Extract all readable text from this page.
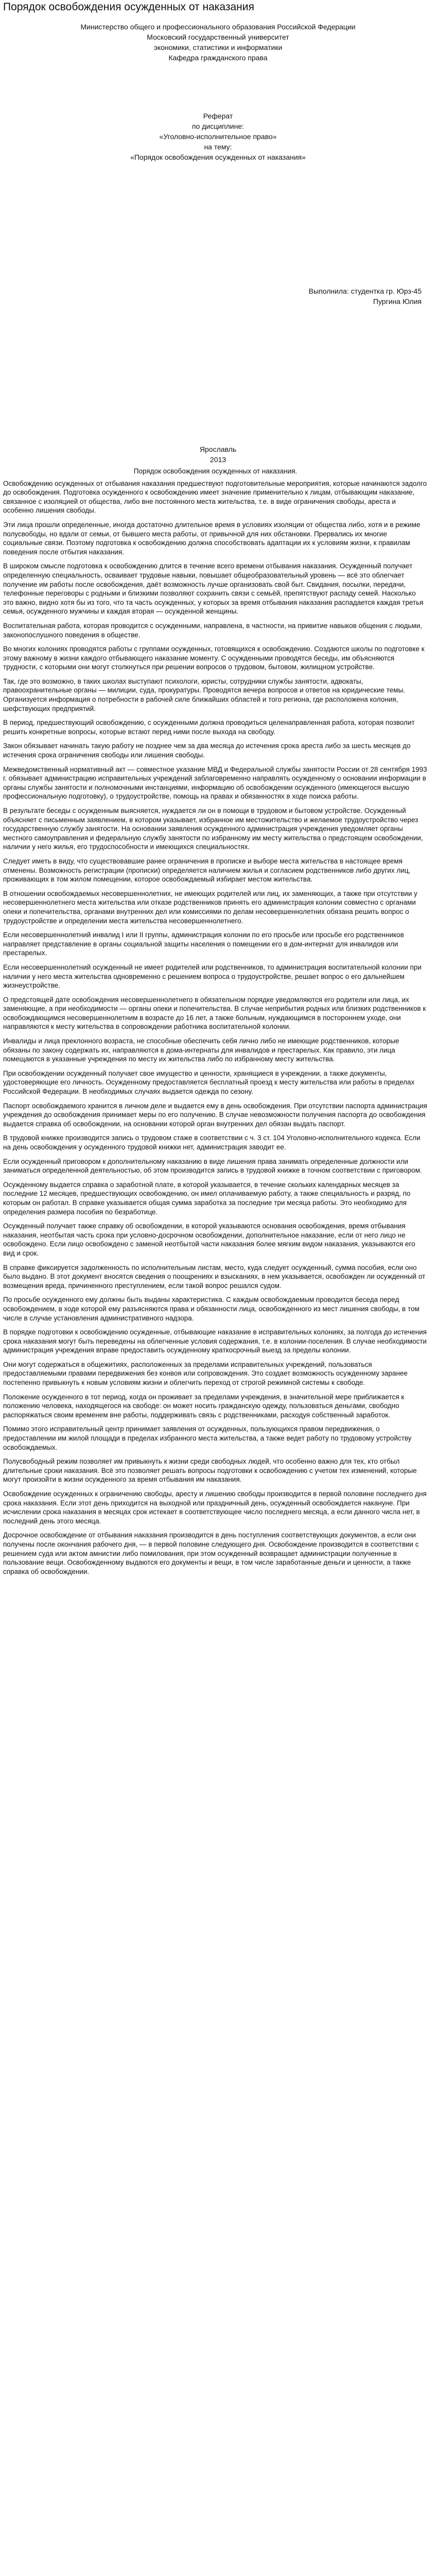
Порядок освобождения осужденных от наказания
Министерство общего и профессионального образования Российской Федерации
Московский государственный университет
экономики, статистики и информатики
Кафедра гражданского права
Реферат
по дисциплине:
«Уголовно-исполнительное право»
на тему:
«Порядок освобождения осужденных от наказания»
Выполнила: студентка гр. Юрз-45
Пургина Юлия
Ярославль
2013

Порядок освобождения осужденных от наказания.

Освобождению осужденных от отбывания наказания предшествуют подготовительные мероприятия, которые начинаются задолго до освобождения. Подготовка осужденного к освобождению имеет значение применительно к лицам, отбывающим наказание, связанное с изоляцией от общества, либо вне постоянного места жительства, т.е. в виде ограничения свободы, ареста и особенно лишения свободы.

Эти лица прошли определенные, иногда достаточно длительное время в условиях изоляции от общества либо, хотя и в режиме полусвободы, но вдали от семьи, от бывшего места работы, от привычной для них обстановки. Прервались их многие социальные связи. Поэтому подготовка к освобождению должна способствовать адаптации их к условиям жизни, к правилам поведения после отбытия наказания.

В широком смысле подготовка к освобождению длится в течение всего времени отбывания наказания. Осужденный получает определенную специальность, осваивает трудовые навыки, повышает общеобразовательный уровень — всё это облегчает получение им работы после освобождения, даёт возможность лучше организовать свой быт. Свидания, посылки, передачи, телефонные переговоры с родными и близкими позволяют сохранить связи с семьёй, препятствуют распаду семей. Насколько это важно, видно хотя бы из того, что та часть осужденных, у которых за время отбывания наказания распадается каждая третья семья, осужденного мужчины и каждая вторая — осужденной женщины.

Воспитательная работа, которая проводится с осужденными, направлена, в частности, на привитие навыков общения с людьми, законопослушного поведения в обществе.

Во многих колониях проводятся работы с группами осужденных, готовящихся к освобождению. Создаются школы по подготовке к этому важному в жизни каждого отбывающего наказание моменту. С осужденными проводятся беседы, им объясняются трудности, с которыми они могут столкнуться при решении вопросов о трудовом, бытовом, жилищном устройстве.

Так, где это возможно, в таких школах выступают психологи, юристы, сотрудники службы занятости, адвокаты, правоохранительные органы — милиции, суда, прокуратуры. Проводятся вечера вопросов и ответов на юридические темы. Организуется информация о потребности в рабочей силе ближайших областей и того региона, где расположена колония, шефствующих предприятий.

В период, предшествующий освобождению, с осужденными должна проводиться целенаправленная работа, которая позволит решить конкретные вопросы, которые встают перед ними после выхода на свободу.

Закон обязывает начинать такую работу не позднее чем за два месяца до истечения срока ареста либо за шесть месяцев до истечения срока ограничения свободы или лишения свободы.

Межведомственный нормативный акт — совместное указание МВД и Федеральной службы занятости России от 28 сентября 1993 г. обязывает администрацию исправительных учреждений заблаговременно направлять осужденному о основании информации в органы службы занятости и полномочными инстанциями, информацию об освобождении осужденного (имеющегося высшую профессиональную подготовку), о трудоустройстве, помощь на правах и обязанностях в ходе поиска работы.

В результате беседы с осужденным выясняется, нуждается ли он в помощи в трудовом и бытовом устройстве. Осужденный объясняет с письменным заявлением, в котором указывает, избранное им местожительство и желаемое трудоустройство через государственную службу занятости. На основании заявления осужденного администрация учреждения уведомляет органы местного самоуправления и федеральную службу занятости по избранному им месту жительства о предстоящем освобождении, наличии у него жилья, его трудоспособности и имеющихся специальностях.

Следует иметь в виду, что существовавшие ранее ограничения в прописке и выборе места жительства в настоящее время отменены. Возможность регистрации (прописки) определяется наличием жилья и согласием родственников либо других лиц, проживающих в том жилом помещении, которое освобождаемый избирает местом жительства.

В отношении освобождаемых несовершеннолетних, не имеющих родителей или лиц, их заменяющих, а также при отсутствии у несовершеннолетнего места жительства или отказе родственников принять его администрация колонии совместно с органами опеки и попечительства, органами внутренних дел или комиссиями по делам несовершеннолетних обязана решить вопрос о трудоустройстве и определении места жительства несовершеннолетнего.

Если несовершеннолетний инвалид I или II группы, администрация колонии по его просьбе или просьбе его родственников направляет представление в органы социальной защиты населения о помещении его в дом-интернат для инвалидов или престарелых.

Если несовершеннолетний осужденный не имеет родителей или родственников, то администрация воспитательной колонии при наличии у него места жительства одновременно с решением вопроса о трудоустройстве, решает вопрос о его дальнейшем жизнеустройстве.

О предстоящей дате освобождения несовершеннолетнего в обязательном порядке уведомляются его родители или лица, их заменяющие, а при необходимости — органы опеки и попечительства. В случае неприбытия родных или близких родственников к освобождающимся несовершеннолетним в возрасте до 16 лет, а также больным, нуждающимся в постороннем уходе, они направляются к месту жительства в сопровождении работника воспитательной колонии.

Инвалиды и лица преклонного возраста, не способные обеспечить себя лично либо не имеющие родственников, которые обязаны по закону содержать их, направляются в дома-интернаты для инвалидов и престарелых. Как правило, эти лица помещаются в указанные учреждения по месту их жительства либо по избранному месту жительства.

При освобождении осужденный получает свое имущество и ценности, хранящиеся в учреждении, а также документы, удостоверяющие его личность. Осужденному предоставляется бесплатный проезд к месту жительства или работы в пределах Российской Федерации. В необходимых случаях выдается одежда по сезону.

Паспорт освобождаемого хранится в личном деле и выдается ему в день освобождения. При отсутствии паспорта администрация учреждения до освобождения принимает меры по его получению. В случае невозможности получения паспорта до освобождения выдается справка об освобождении, на основании которой орган внутренних дел обязан выдать паспорт.

В трудовой книжке производится запись о трудовом стаже в соответствии с ч. 3 ст. 104 Уголовно-исполнительного кодекса. Если на день освобождения у осужденного трудовой книжки нет, администрация заводит ее.

Если осужденный приговором к дополнительному наказанию в виде лишения права занимать определенные должности или заниматься определенной деятельностью, об этом производится запись в трудовой книжке в точном соответствии с приговором.

Осужденному выдается справка о заработной плате, в которой указывается, в течение скольких календарных месяцев за последние 12 месяцев, предшествующих освобождению, он имел оплачиваемую работу, а также специальность и разряд, по которым он работал. В справке указывается общая сумма заработка за последние три месяца работы. Это необходимо для определения размера пособия по безработице.

Осужденный получает также справку об освобождении, в которой указываются основания освобождения, время отбывания наказания, неотбытая часть срока при условно-досрочном освобождении, дополнительное наказание, если от него лицо не освобождено. Если лицо освобождено с заменой неотбытой части наказания более мягким видом наказания, указываются его вид и срок.

В справке фиксируется задолженность по исполнительным листам, место, куда следует осужденный, сумма пособия, если оно было выдано. В этот документ вносятся сведения о поощрениях и взысканиях, в нем указывается, освобожден ли осужденный от возмещения вреда, причиненного преступлением, если такой вопрос решался судом.

По просьбе осужденного ему должны быть выданы характеристика. С каждым освобождаемым проводится беседа перед освобождением, в ходе которой ему разъясняются права и обязанности лица, освобожденного из мест лишения свободы, в том числе в случае установления административного надзора.

В порядке подготовки к освобождению осужденные, отбывающие наказание в исправительных колониях, за полгода до истечения срока наказания могут быть переведены на облегченные условия содержания, т.е. в колонии-поселения. В случае необходимости администрация учреждения вправе предоставить осужденному краткосрочный выезд за пределы колонии.

Они могут содержаться в общежитиях, расположенных за пределами исправительных учреждений, пользоваться предоставляемыми правами передвижения без конвоя или сопровождения. Это создает возможность осужденному заранее постепенно привыкнуть к новым условиям жизни и облегчить переход от строгой режимной системы к свободе.

Положение осужденного в тот период, когда он проживает за пределами учреждения, в значительной мере приближается к положению человека, находящегося на свободе: он может носить гражданскую одежду, пользоваться деньгами, свободно распоряжаться своим временем вне работы, поддерживать связь с родственниками, расходуя собственный заработок.

Помимо этого исправительный центр принимает заявления от осужденных, пользующихся правом передвижения, о предоставлении им жилой площади в пределах избранного места жительства, а также ведет работу по трудовому устройству освобождаемых.

Полусвободный режим позволяет им привыкнуть к жизни среди свободных людей, что особенно важно для тех, кто отбыл длительные сроки наказания. Всё это позволяет решать вопросы подготовки к освобождению с учетом тех изменений, которые могут произойти в жизни осужденного за время отбывания им наказания.

Освобождение осужденных к ограничению свободы, аресту и лишению свободы производится в первой половине последнего дня срока наказания. Если этот день приходится на выходной или праздничный день, осужденный освобождается накануне. При исчислении срока наказания в месяцах срок истекает в соответствующее число последнего месяца, а если данного числа нет, в последний день этого месяца.

Досрочное освобождение от отбывания наказания производится в день поступления соответствующих документов, а если они получены после окончания рабочего дня, — в первой половине следующего дня. Освобождение производится в соответствии с решением суда или актом амнистии либо помилования, при этом осужденный возвращает администрации полученные в пользование вещи. Освобожденному выдаются его документы и вещи, в том числе заработанные деньги и ценности, а также справка об освобождении.
